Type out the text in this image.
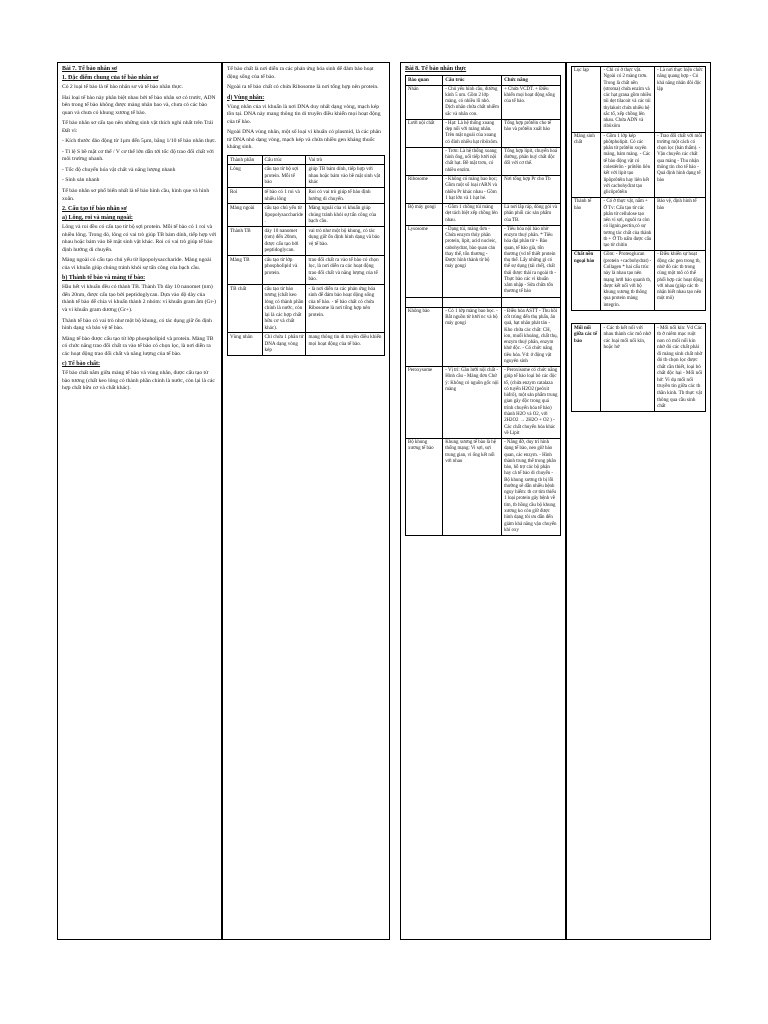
Bài 7. Tế bào nhân sơ

1. Đặc điểm chung của tế bào nhân sơ

Có 2 loại tế bào là tế bào nhân sơ và tế bào nhân thực.

Hai loại tế bào này phân biệt nhau bởi tế bào nhân sơ có trước, ADN bên trong tế bào không được màng nhân bao và, chưa có các bào quan và chưa có khung xương tế bào.

Tế bào nhân sơ cấu tạo nên những sinh vật thích nghi nhất trên Trái Đất vì:

- Kích thước đảo động từ 1µm đến 5µm, bằng 1/10 tế bào nhân thực.

- Tỉ lệ S bề mặt cơ thể / V cơ thể lớn dẫn tới tốc độ trao đổi chất với môi trường nhanh.

- Tốc độ chuyển hóa vật chất và năng lượng nhanh

- Sinh sản nhanh

Tế bào nhân sơ phổ biến nhất là tế bào hình cầu, hình que và hình xoắn.

2. Cấu tạo tế bào nhân sơ

a) Lông, roi và màng ngoài:

Lông và roi đều có cấu tạo từ bộ sợi protein. Mỗi tế bào có 1 roi và nhiều lông. Trong đó, lông có vai trò giúp TB bám dính, tiếp hợp với nhau hoặc bám vào bề mặt sinh vật khác. Roi có vai trò giúp tế bào định hướng di chuyển.

Màng ngoài có cấu tạo chủ yếu từ lipopolysaccharide. Màng ngoài của vi khuẩn giúp chúng tránh khỏi sự tấn công của bạch cầu.

b) Thành tế bào và màng tế bào:

Hầu hết vi khuẩn đều có thành TB. Thành Tb dày 10 nanomet (nm) đến 20nm, được cấu tạo bởi peptidoglycan. Dựa vào độ dày của thành tế bào để chia vi khuẩn thành 2 nhóm: vi khuẩn gram âm (Gr-) và vi khuẩn gram dương (Gr+).

Thành tế bào có vai trò như một bộ khung, có tác dụng giữ ổn định hình dạng và bảo vệ tế bào.

Màng tế bào được cấu tạo từ lớp phospholipid và protein. Màng TB có chức năng trao đổi chất ra vào tế bào có chọn lọc, là nơi diễn ra các hoạt động trao đổi chất và năng lượng của tế bào.

c) Tế bào chất:

Tế bào chất nằm giữa màng tế bào và vùng nhân, được cấu tạo từ bào tương (chất keo lỏng có thành phần chính là nước, còn lại là các hợp chất hữu cơ và chất khác).

Tế bào chất là nơi diễn ra các phản ứng hóa sinh để đảm bảo hoạt động sống của tế bào.

Ngoài ra tế bào chất có chứa Ribosome là nơi tổng hợp nên protein.

d) Vùng nhân:

Vùng nhân của vi khuẩn là nơi DNA duy nhất dạng vòng, mạch kép tồn tại. DNA này mang thông tin di truyền điều khiển mọi hoạt động của tế bào.

Ngoài DNA vùng nhân, một số loại vi khuẩn có plasmid, là các phân tử DNA nhỏ dạng vòng, mạch kép và chứa nhiều gen kháng thuốc kháng sinh.

Thành phần	Cấu trúc	Vai trò
Lông	cấu tạo từ bộ sợi protein. Mỗi tế bào	giúp TB bám dính, tiếp hợp với nhau hoặc bám vào bề mặt sinh vật khác
Roi	tế bào có 1 roi và nhiều lông	Roi có vai trò giúp tế bào định hướng di chuyển.
Màng ngoài	cấu tạo chủ yếu từ lipopolysaccharide.	Màng ngoài của vi khuẩn giúp chúng tránh khỏi sự tấn công của bạch cầu.
Thành TB	dày 10 nanomet (nm) đến 20nm, được cấu tạo bởi peptidoglycan.	vai trò như một bộ khung, có tác dụng giữ ổn định hình dạng và bảo vệ tế bào.
Màng TB	cấu tạo từ lớp phospholipid và protein.	trao đổi chất ra vào tế bào có chọn lọc, là nơi diễn ra các hoạt động trao đổi chất và năng lượng của tế bào.
TB chất	cấu tạo từ bào tương (chất keo lỏng có thành phần chính là nước, còn lại là các hợp chất hữu cơ và chất khác).	- là nơi diễn ra các phản ứng hóa sinh để đảm bảo hoạt động sống của tế bào. - tế bào chất có chứa Ribosome là nơi tổng hợp nên protein.
Vùng nhân	Chỉ chứa 1 phân tử DNA dạng vòng kép	mang thông tin di truyền điều khiển mọi hoạt động của tế bào.

Bài 8. Tế bào nhân thực

Bào quan	Cấu trúc	Chức năng
Nhân	- Chủ yếu hình cầu, đường kính 5 um. Gồm 2 lớp màng, có nhiều lỗ nhỏ. Dịch nhân chứa chất nhiễm sắc và nhân con.	+ Chứa VCDT. + Điều khiển mọi hoạt động sống của tế bào.
Lưới nội chất	- Hạt: Là hệ thống xoang dẹp nối với màng nhân. Trên mặt ngoài của xoang có đính nhiều hạt ribôxôm.	Tổng hợp prôtêin cho tế bào và prôtêin xuất bào
	- Trơn: Là hệ thống xoang hình ống, nối tiếp lưới nội chất hạt. Bề mặt trơn, có nhiều enzim.	Tổng hợp lipit, chuyển hoá đường, phân huỷ chất độc đối với cơ thể.
Ribosome	- Không có màng bao bọc; Gồm một số loại rARN và nhiều Pr khác nhau - Gồm 1 hạt lớn và 1 hạt bé.	Nơi tổng hợp Pr cho Tb
Bộ máy gongi	- Gồm 1 chồng túi màng dẹt tách biệt xếp chồng lên nhau.	Là nơi lắp ráp, đóng gói và phân phối các sản phẩm của TB.
Lysosome	- Dạng túi, màng đơn - Chứa enzym thủy phân protein, lipit, acid nucleic, cabohydrat, bào quan cản thay thế, tổn thương - Được hình thành từ bộ máy gongi	- Tiêu hóa nội bào nhờ enzym thuỷ phân. * Tiêu hóa đại phân tử + Bào quan, tế bào già, tổn thương (vd tế thiết protein thụ thể. Lấy những gì có thể sự dụng (tái chế), chất thải được thải ra ngoài tb - Thực bào các vi khuẩn xâm nhập - Sửa chữa tổn thương tế bào

Không bào	- Có 1 lớp màng bao bọc. - Bắt nguồn từ lưới nc và bộ máy gongi	- Điều hòa ASTT - Thu hồi cốt trùng đến thụ phấn, ăn quả, hạt nhân phát tán - Kho chứa các chất: CH, ion, muối khoáng, chất thụ, enzym thuỷ phân, enzym khử độc. - Có chức năng tiêu hóa. Vd: ở động vật nguyên sinh
Peroxysome	- Vị trí: Gần lưới nội chất - Hình cầu - Màng đơn Chứ ý: Không có nguồn gốc nội màng	- Peroxisome có chức năng giúp tế bào loại bỏ các độc tố, (chứa enzym catalaza có tuyển H2O2 (peôxit hiđrô), một sản phẩm trung gian gây độc trong quá trình chuyển hóa tế bào) thành H2O và O2, với 2H2O2 → 2H2O + O2 ) - Các chất chuyển hóa khác về Lipit
Bộ khung xương tế bào	Khung xương tế bào là hệ thống mạng: Vi sợi, sợi trung gian, vi ống kết nối với nhau	- Nâng đỡ, duy trì hình dạng tế bào, neo giữ bào quan, các enzym. - Hình thành trung thể trong phân bào, hỗ trợ các bộ phận hay cả tế bào di chuyển - Bộ khung xương tb bị lỗi thường sẽ dẫn nhiều bệnh nguy hiểm: tb cơ tim thiếu 1 loại protein gây bệnh về tim, tb hồng cầu bộ khung xương ko còn giữ được hình dạng tôi ưu dẫn đến giảm khả năng vận chuyển khí oxy
Lục lạp	- Chỉ có ở thực vật. Ngoài có 2 màng trơn. Trong là chất nền (stroma) chứa enzim và các hạt grana gồm nhiều túi dẹt tilacoit và các túi thylakoit chứa nhiều hệ sắc tố, xếp chồng lên nhau. Chứa ADN và ribôxôm	- Là nơi thực hiện chức năng quang hợp - Có khả năng nhân đôi độc lập
Màng sinh chất	- Gồm 1 lớp kép phôtpholipit. Có các phân tử prôtêin xuyên màng, bám màng. - Các tế bào động vật có colestêrôn - prôtêin liên kết với lipit tạo lipôprôtêin hay liên kết với cacbohyđrat tạo glicôprôtêin	- Trao đổi chất với môi trường một cách có chọn lọc (bán thấm). - Vận chuyển các chất qua màng - Thu nhận thông tin cho tế bào - Quả định hình dạng tế bào
Thành tế bào	- Có ở thực vật, nấm + Ở Tv: Cấu tạo từ các phân tử cellulose tạo nên vi sợi, nguôi ra còn có lignin,pectin,có sự tương tác chất của thành tb + Ở Tb nấm được cấu tạo từ chitin	Bảo vệ, định hình tế bào
Chất nền ngoại bào	Gồm: - Proteoglucan (protein +cacbohydrat) - Collagen * hai cấu trúc này là nhau tạo nên mạng lưới bảo quanh tb, được kết nối với bộ khung xương tb thông qua protein màng integrin.	- Điều khiển sự hoạt động các gen trong tb, nhờ đó các tb trong cùng một mô có thể phối hợp các hoạt động với nhau (giúp các tb nhận biết nhau tạo nên một mô)
Mối nối giữa các tế bào	- Các tb kết nối với nhau thành các mô nhờ các loại mối nối kín, hoặc hở	- Mối nối kín: Vd Các tb ở niêm mạc ruột non có mối nối kín nhờ đó các chất phải đi màng sinh chất nhờ đó tb chọn lọc được chất cần thiết, loại bỏ chất độc hại - Mối nối hở: Vi dụ mối nối truyền tin giữa các tb thần kinh. Tb thực vật thông qua cầu sinh chất
